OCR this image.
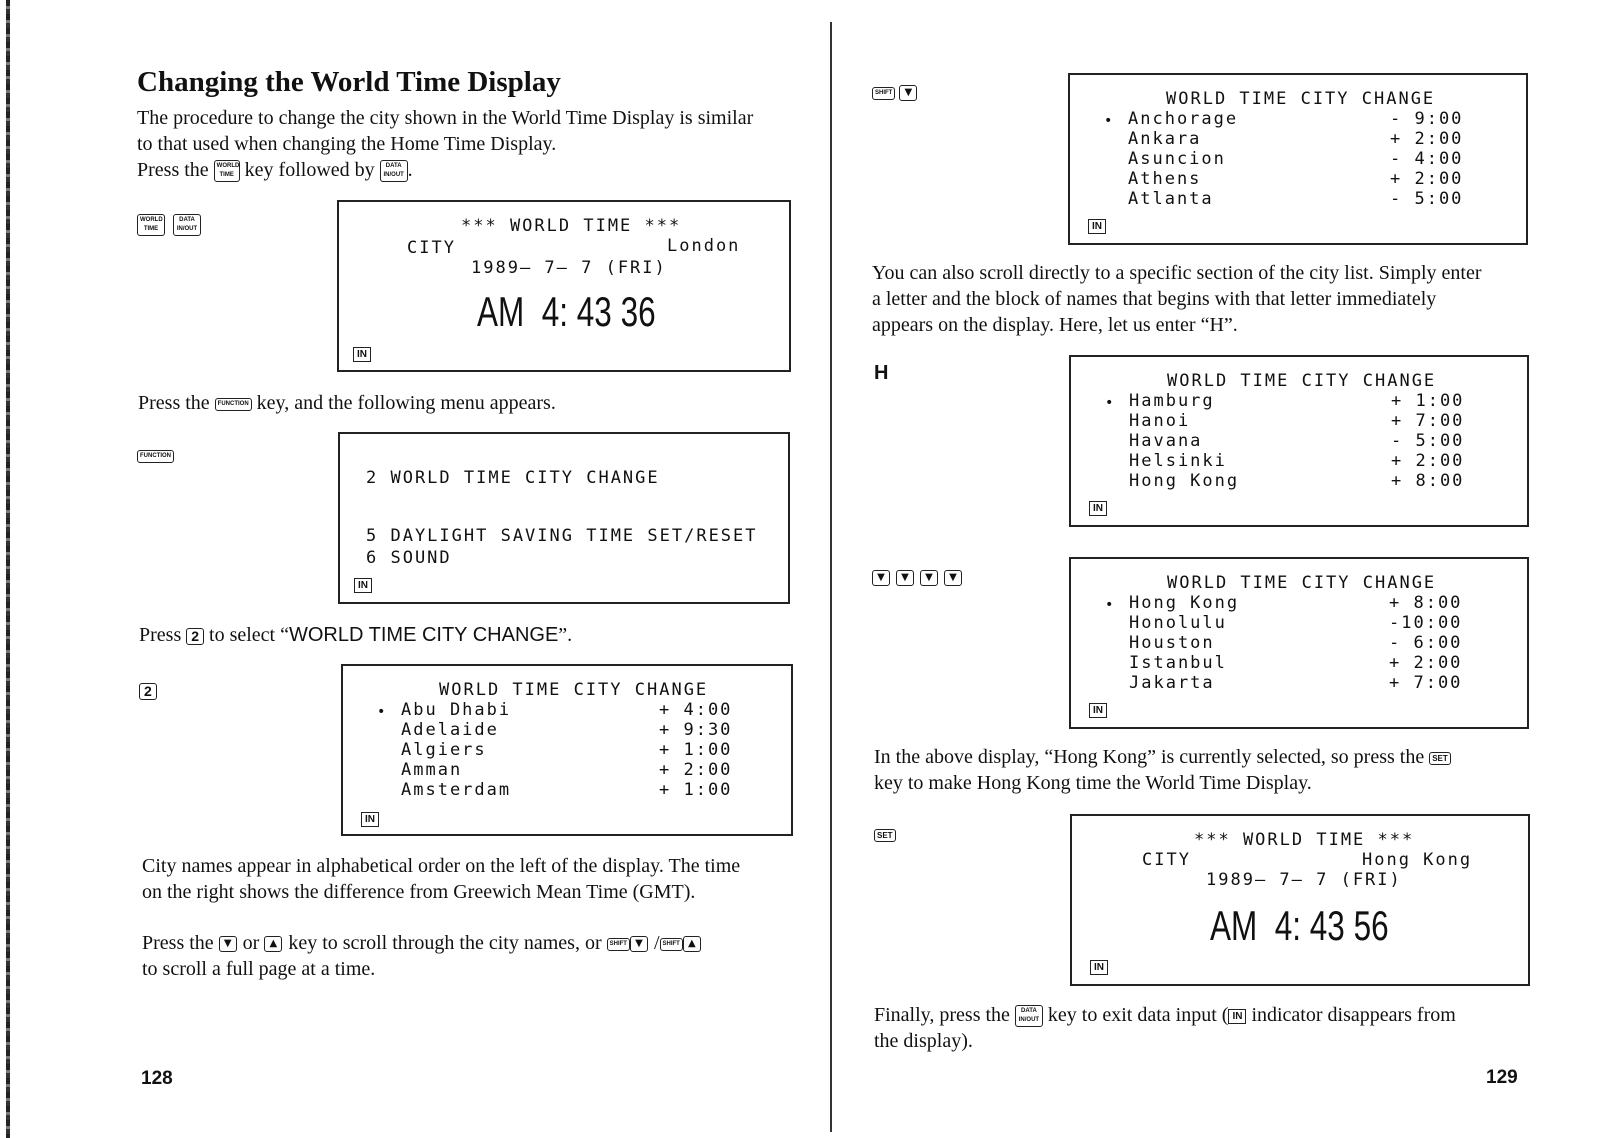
Changing the World Time Display
The procedure to change the city shown in the World Time Display is similar
to that used when changing the Home Time Display.
Press the WORLD TIME key followed by DATA IN/OUT .
WORLD TIME DATA IN/OUT	*** WORLD TIME ***
CITY	London
1989— 7— 7 (FRI)
AM  4: 43 36
IN
Press the FUNCTION key, and the following menu appears.
FUNCTION
2 WORLD TIME CITY CHANGE
5 DAYLIGHT SAVING TIME SET/RESET
6 SOUND
IN
Press 2 to select “WORLD TIME CITY CHANGE”.
2	WORLD TIME CITY CHANGE
• Abu Dhabi	+ 4:00
Adelaide	+ 9:30
Algiers	+ 1:00
Amman	+ 2:00
Amsterdam	+ 1:00
IN
City names appear in alphabetical order on the left of the display. The time
on the right shows the difference from Greewich Mean Time (GMT).
Press the ▼ or ▲ key to scroll through the city names, or SHIFT ▼ / SHIFT ▲
to scroll a full page at a time.
128
SHIFT ▼	WORLD TIME CITY CHANGE
• Anchorage	- 9:00
Ankara	+ 2:00
Asuncion	- 4:00
Athens	+ 2:00
Atlanta	- 5:00
IN
You can also scroll directly to a specific section of the city list. Simply enter
a letter and the block of names that begins with that letter immediately
appears on the display. Here, let us enter “H”.
H	WORLD TIME CITY CHANGE
• Hamburg	+ 1:00
Hanoi	+ 7:00
Havana	- 5:00
Helsinki	+ 2:00
Hong Kong	+ 8:00
IN
▼ ▼ ▼ ▼	WORLD TIME CITY CHANGE
• Hong Kong	+ 8:00
Honolulu	-10:00
Houston	- 6:00
Istanbul	+ 2:00
Jakarta	+ 7:00
IN
In the above display, “Hong Kong” is currently selected, so press the SET
key to make Hong Kong time the World Time Display.
SET	*** WORLD TIME ***
CITY	Hong Kong
1989— 7— 7 (FRI)
AM  4: 43 56
IN
Finally, press the DATA IN/OUT key to exit data input ( IN indicator disappears from
the display).
129
